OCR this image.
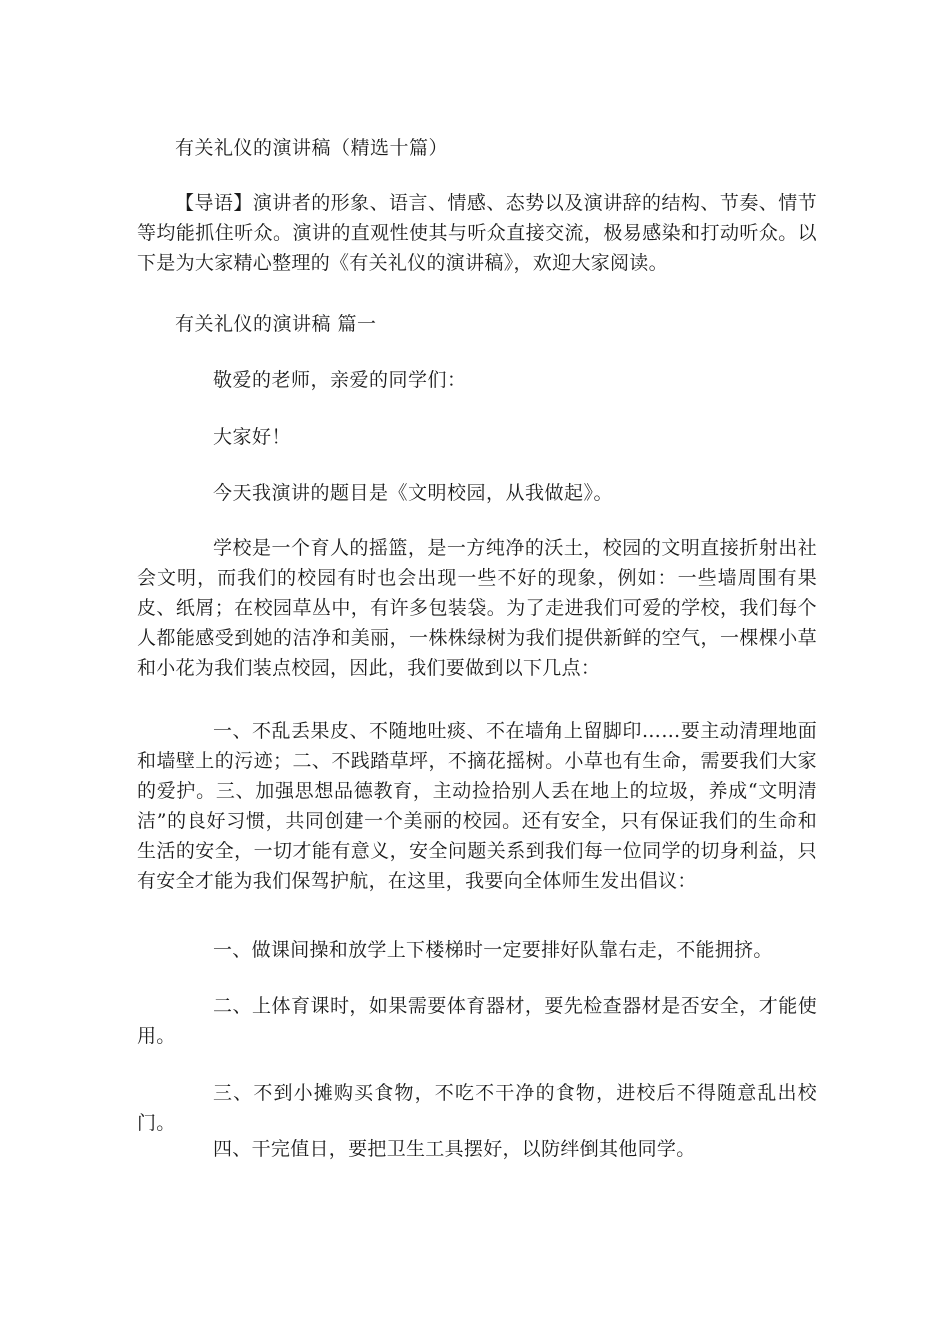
有关礼仪的演讲稿（精选十篇）
【导语】演讲者的形象、语言、情感、态势以及演讲辞的结构、节奏、情节等均能抓住听众。演讲的直观性使其与听众直接交流，极易感染和打动听众。以下是为大家精心整理的《有关礼仪的演讲稿》，欢迎大家阅读。
有关礼仪的演讲稿 篇一
敬爱的老师，亲爱的同学们：
大家好！
今天我演讲的题目是《文明校园，从我做起》。
学校是一个育人的摇篮，是一方纯净的沃土，校园的文明直接折射出社会文明，而我们的校园有时也会出现一些不好的现象，例如：一些墙周围有果皮、纸屑；在校园草丛中，有许多包装袋。为了走进我们可爱的学校，我们每个人都能感受到她的洁净和美丽，一株株绿树为我们提供新鲜的空气，一棵棵小草和小花为我们装点校园，因此，我们要做到以下几点：
一、不乱丢果皮、不随地吐痰、不在墙角上留脚印……要主动清理地面和墙壁上的污迹；二、不践踏草坪，不摘花摇树。小草也有生命，需要我们大家的爱护。三、加强思想品德教育，主动捡拾别人丢在地上的垃圾，养成“文明清洁”的良好习惯，共同创建一个美丽的校园。还有安全，只有保证我们的生命和生活的安全，一切才能有意义，安全问题关系到我们每一位同学的切身利益，只有安全才能为我们保驾护航，在这里，我要向全体师生发出倡议：
一、做课间操和放学上下楼梯时一定要排好队靠右走，不能拥挤。
二、上体育课时，如果需要体育器材，要先检查器材是否安全，才能使用。
三、不到小摊购买食物，不吃不干净的食物，进校后不得随意乱出校门。
四、干完值日，要把卫生工具摆好，以防绊倒其他同学。
